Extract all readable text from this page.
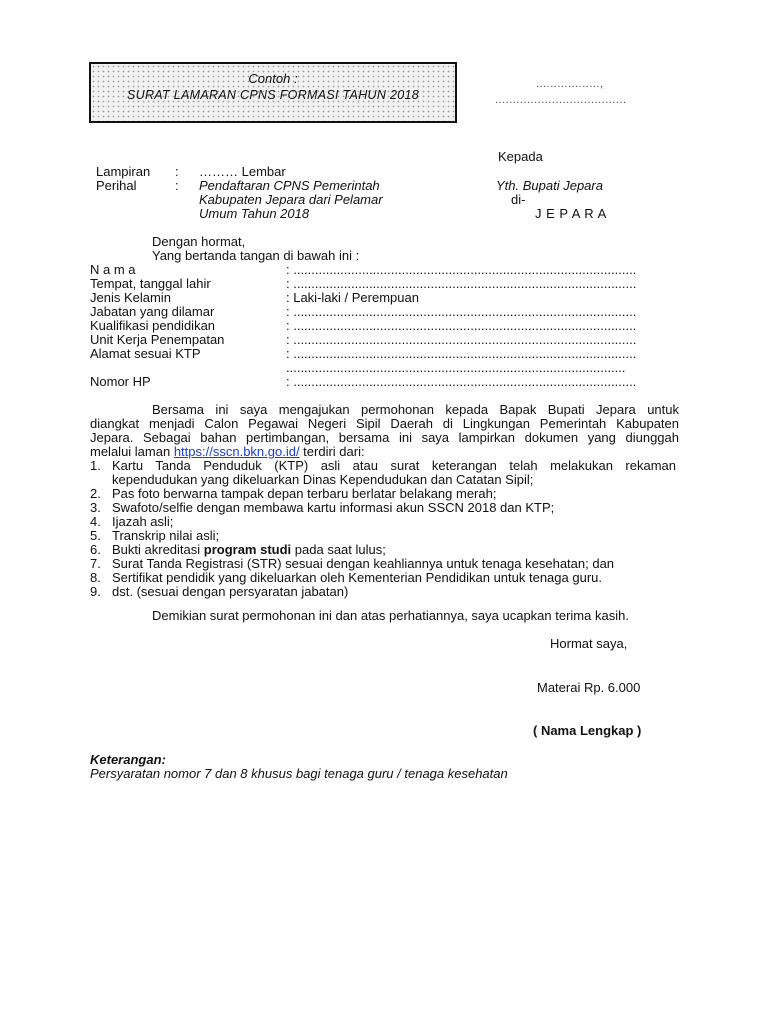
Contoh :
SURAT LAMARAN CPNS FORMASI TAHUN 2018
..................,
.....................................
Kepada
Yth. Bupati Jepara
di-
J E P A R A
Lampiran : ……… Lembar
Perihal	: Pendaftaran CPNS Pemerintah
Kabupaten Jepara dari Pelamar
Umum Tahun 2018
Dengan hormat,
Yang bertanda tangan di bawah ini :
N a m a	: ...............................................................................................
Tempat, tanggal lahir	: ...............................................................................................
Jenis Kelamin	: Laki-laki / Perempuan
Jabatan yang dilamar	: ...............................................................................................
Kualifikasi pendidikan	: ...............................................................................................
Unit Kerja Penempatan	: ...............................................................................................
Alamat sesuai KTP	: ...............................................................................................
..............................................................................................
Nomor HP	: ...............................................................................................
Bersama ini saya mengajukan permohonan kepada Bapak Bupati Jepara untuk
diangkat menjadi Calon Pegawai Negeri Sipil Daerah di Lingkungan Pemerintah Kabupaten
Jepara. Sebagai bahan pertimbangan, bersama ini saya lampirkan dokumen yang diunggah
melalui laman https://sscn.bkn.go.id/ terdiri dari:
1. Kartu Tanda Penduduk (KTP) asli atau surat keterangan telah melakukan rekaman
kependudukan yang dikeluarkan Dinas Kependudukan dan Catatan Sipil;
2. Pas foto berwarna tampak depan terbaru berlatar belakang merah;
3. Swafoto/selfie dengan membawa kartu informasi akun SSCN 2018 dan KTP;
4. Ijazah asli;
5. Transkrip nilai asli;
6. Bukti akreditasi program studi pada saat lulus;
7. Surat Tanda Registrasi (STR) sesuai dengan keahliannya untuk tenaga kesehatan; dan
8. Sertifikat pendidik yang dikeluarkan oleh Kementerian Pendidikan untuk tenaga guru.
9. dst. (sesuai dengan persyaratan jabatan)
Demikian surat permohonan ini dan atas perhatiannya, saya ucapkan terima kasih.
Hormat saya,
Materai Rp. 6.000
( Nama Lengkap )
Keterangan:
Persyaratan nomor 7 dan 8 khusus bagi tenaga guru / tenaga kesehatan
